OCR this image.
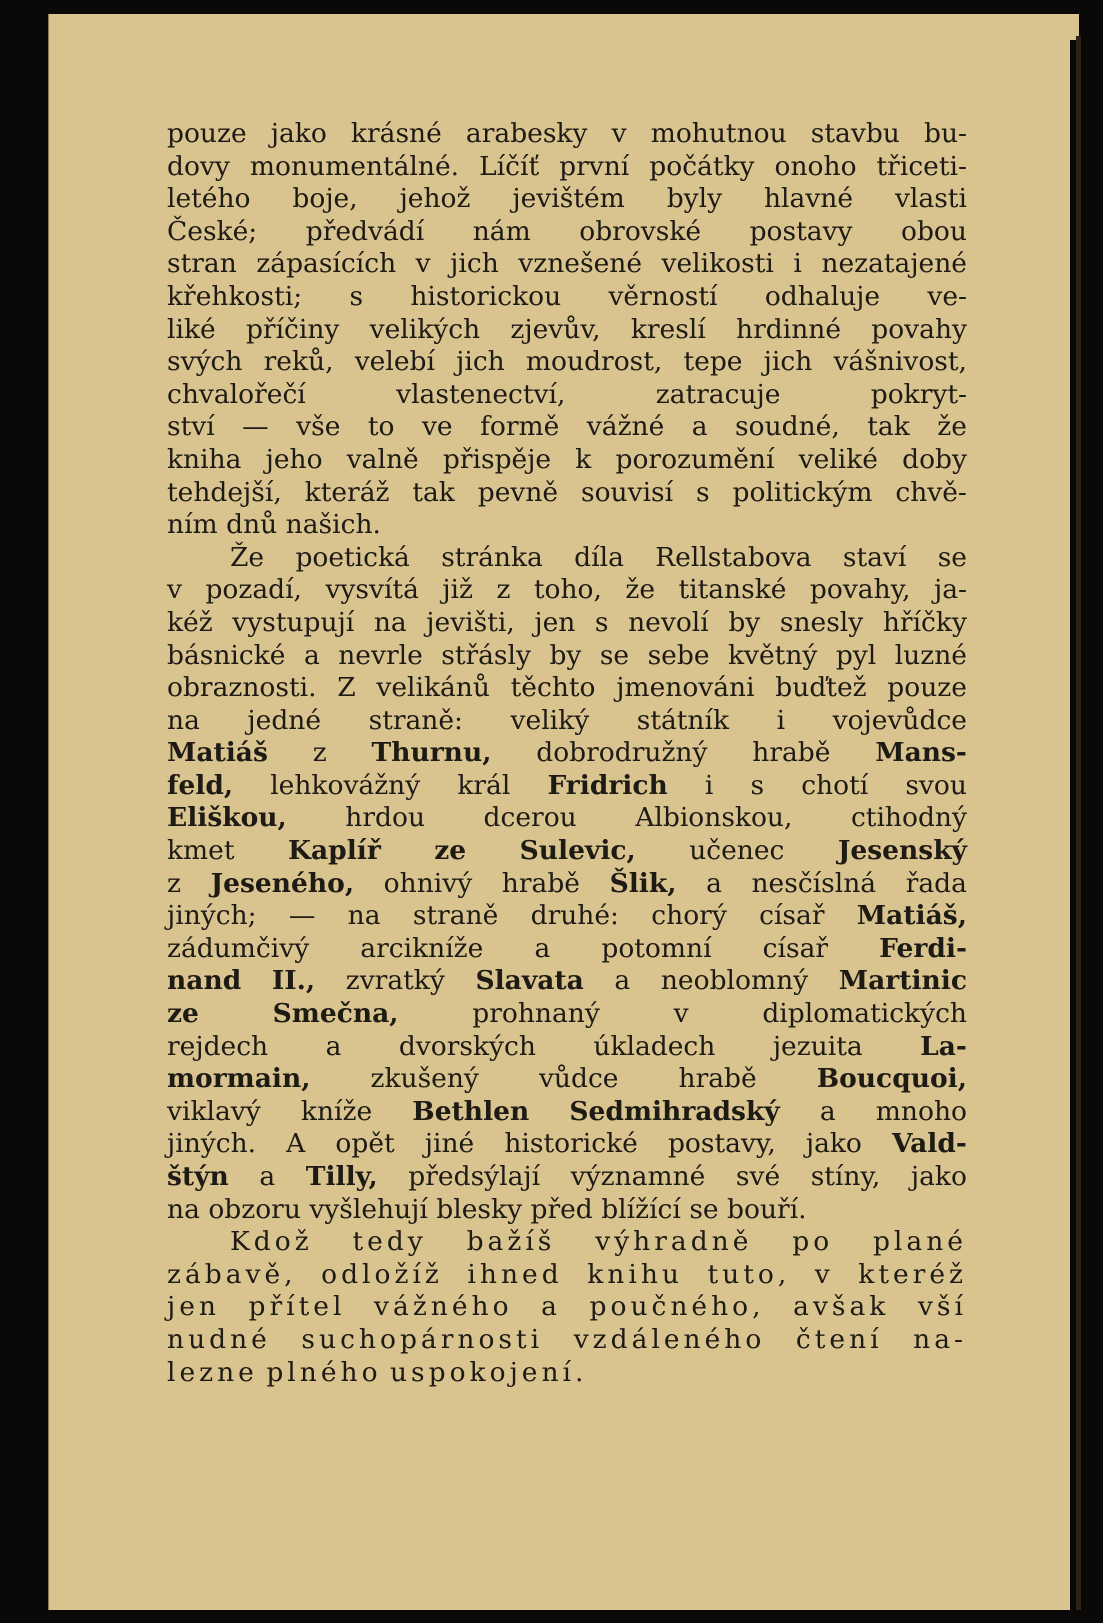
pouze jako krásné arabesky v mohutnou stavbu bu-
dovy monumentálné. Líčíť první počátky onoho třiceti-
letého boje, jehož jevištém byly hlavné vlasti
České; předvádí nám obrovské postavy obou
stran zápasících v jich vznešené velikosti i nezatajené
křehkosti; s historickou věrností odhaluje ve-
liké příčiny velikých zjevův, kreslí hrdinné povahy
svých reků, velebí jich moudrost, tepe jich vášnivost,
chvalořečí	vlastenectví,	zatracuje	pokryt-
ství — vše to ve formě vážné a soudné, tak že
kniha jeho valně přispěje k porozumění veliké doby
tehdejší, kteráž tak pevně souvisí s politickým chvě-
ním
dnů
našich.
Že poetická stránka díla Rellstabova staví se
v pozadí, vysvítá již z toho, že titanské povahy, ja-
kéž vystupují na jevišti, jen s nevolí by snesly hříčky
básnické a nevrle střásly by se sebe květný pyl luzné
obraznosti. Z velikánů těchto jmenováni buďtež pouze
na jedné straně: veliký státník i vojevůdce
Matiáš z Thurnu, dobrodružný hrabě Mans-
feld, lehkovážný král Fridrich i s chotí svou
Eliškou, hrdou dcerou Albionskou, ctihodný
kmet Kaplíř ze Sulevic, učenec Jesenský
z Jeseného, ohnivý hrabě Šlik, a nesčíslná řada
jiných; — na straně druhé: chorý císař Matiáš,
zádumčivý arcikníže a potomní císař Ferdi-
nand II., zvratký Slavata a neoblomný Martinic
ze	Smečna,	prohnaný	v	diplomatických
rejdech a dvorských úkladech jezuita La-
mormain, zkušený vůdce hrabě Boucquoi,
viklavý kníže Bethlen Sedmihradský a mnoho
jiných. A opět jiné historické postavy, jako Vald-
štýn a Tilly, předsýlají významné své stíny, jako
na
obzoru
vyšlehují
blesky
před
blížící
se
bouří.
Kdož tedy bažíš výhradně po plané
zábavě, odložíž ihned knihu tuto, v kteréž
jen přítel vážného a poučného, avšak vší
nudné suchopárnosti vzdáleného čtení na-
lezne
plného
uspokojení.
